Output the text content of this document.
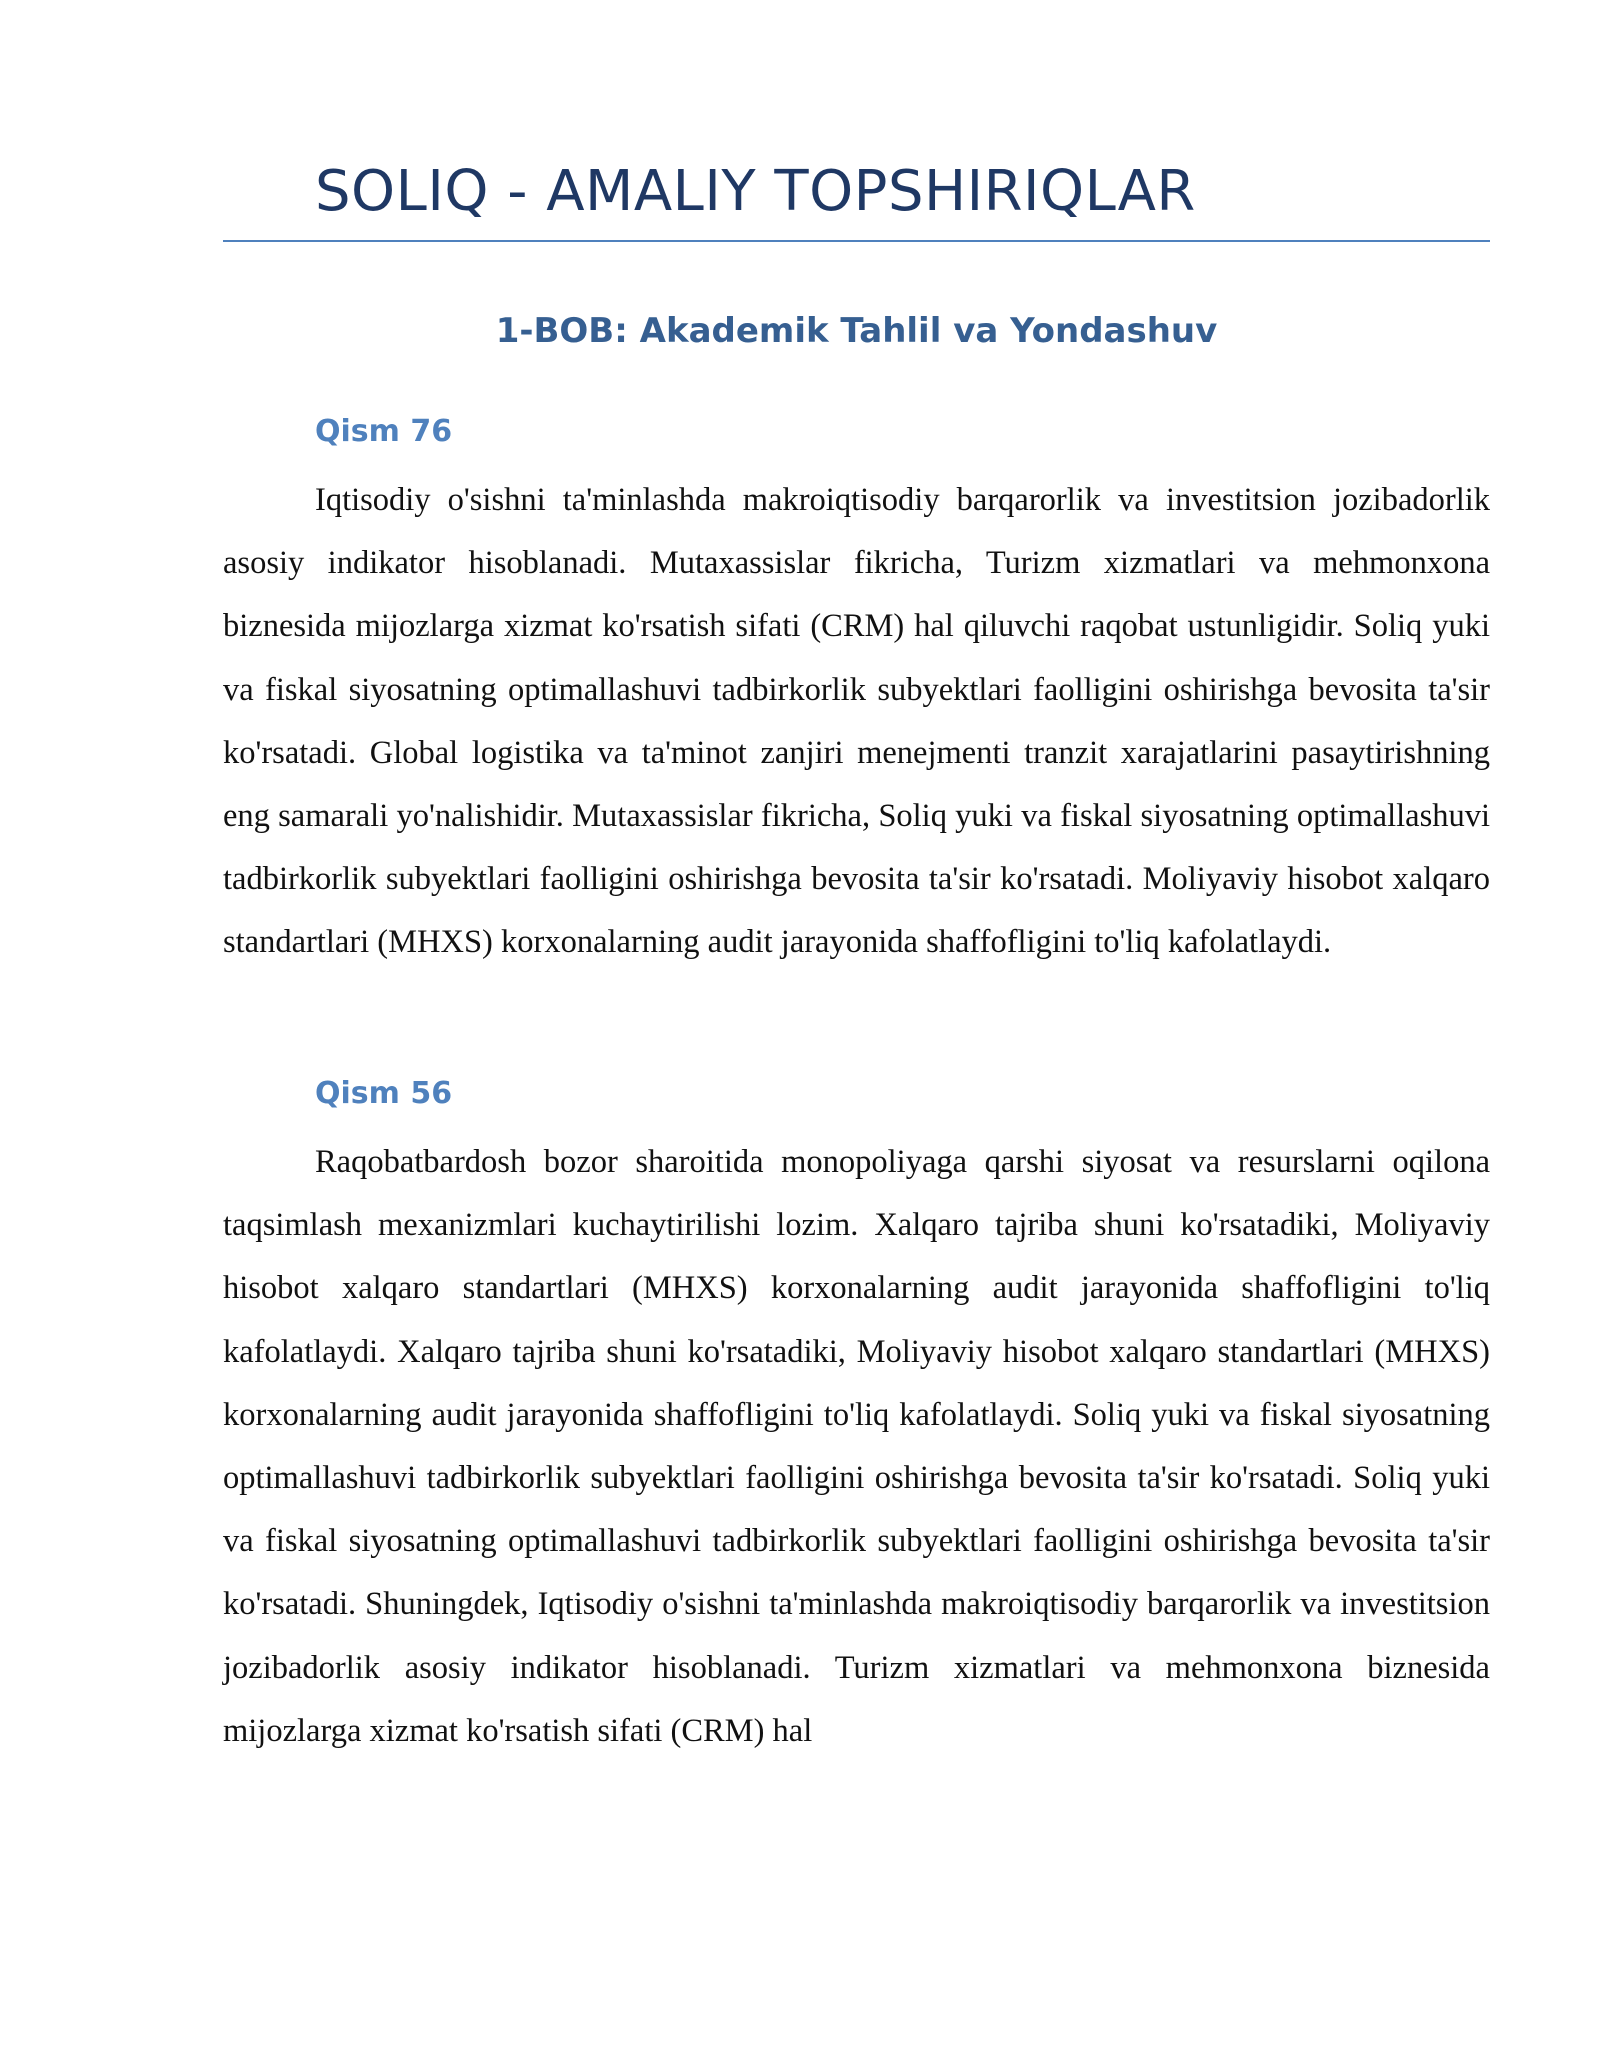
SOLIQ - AMALIY TOPSHIRIQLAR
1-BOB: Akademik Tahlil va Yondashuv
Qism 76

Iqtisodiy o'sishni ta'minlashda makroiqtisodiy barqarorlik va investitsion jozibadorlik asosiy indikator hisoblanadi. Mutaxassislar fikricha, Turizm xizmatlari va mehmonxona biznesida mijozlarga xizmat ko'rsatish sifati (CRM) hal qiluvchi raqobat ustunligidir. Soliq yuki va fiskal siyosatning optimallashuvi tadbirkorlik subyektlari faolligini oshirishga bevosita ta'sir ko'rsatadi. Global logistika va ta'minot zanjiri menejmenti tranzit xarajatlarini pasaytirishning eng samarali yo'nalishidir. Mutaxassislar fikricha, Soliq yuki va fiskal siyosatning optimallashuvi tadbirkorlik subyektlari faolligini oshirishga bevosita ta'sir ko'rsatadi. Moliyaviy hisobot xalqaro standartlari (MHXS) korxonalarning audit jarayonida shaffofligini to'liq kafolatlaydi.

Qism 56

Raqobatbardosh bozor sharoitida monopoliyaga qarshi siyosat va resurslarni oqilona taqsimlash mexanizmlari kuchaytirilishi lozim. Xalqaro tajriba shuni ko'rsatadiki, Moliyaviy hisobot xalqaro standartlari (MHXS) korxonalarning audit jarayonida shaffofligini to'liq kafolatlaydi. Xalqaro tajriba shuni ko'rsatadiki, Moliyaviy hisobot xalqaro standartlari (MHXS) korxonalarning audit jarayonida shaffofligini to'liq kafolatlaydi. Soliq yuki va fiskal siyosatning optimallashuvi tadbirkorlik subyektlari faolligini oshirishga bevosita ta'sir ko'rsatadi. Soliq yuki va fiskal siyosatning optimallashuvi tadbirkorlik subyektlari faolligini oshirishga bevosita ta'sir ko'rsatadi. Shuningdek, Iqtisodiy o'sishni ta'minlashda makroiqtisodiy barqarorlik va investitsion jozibadorlik asosiy indikator hisoblanadi. Turizm xizmatlari va mehmonxona biznesida mijozlarga xizmat ko'rsatish sifati (CRM) hal
